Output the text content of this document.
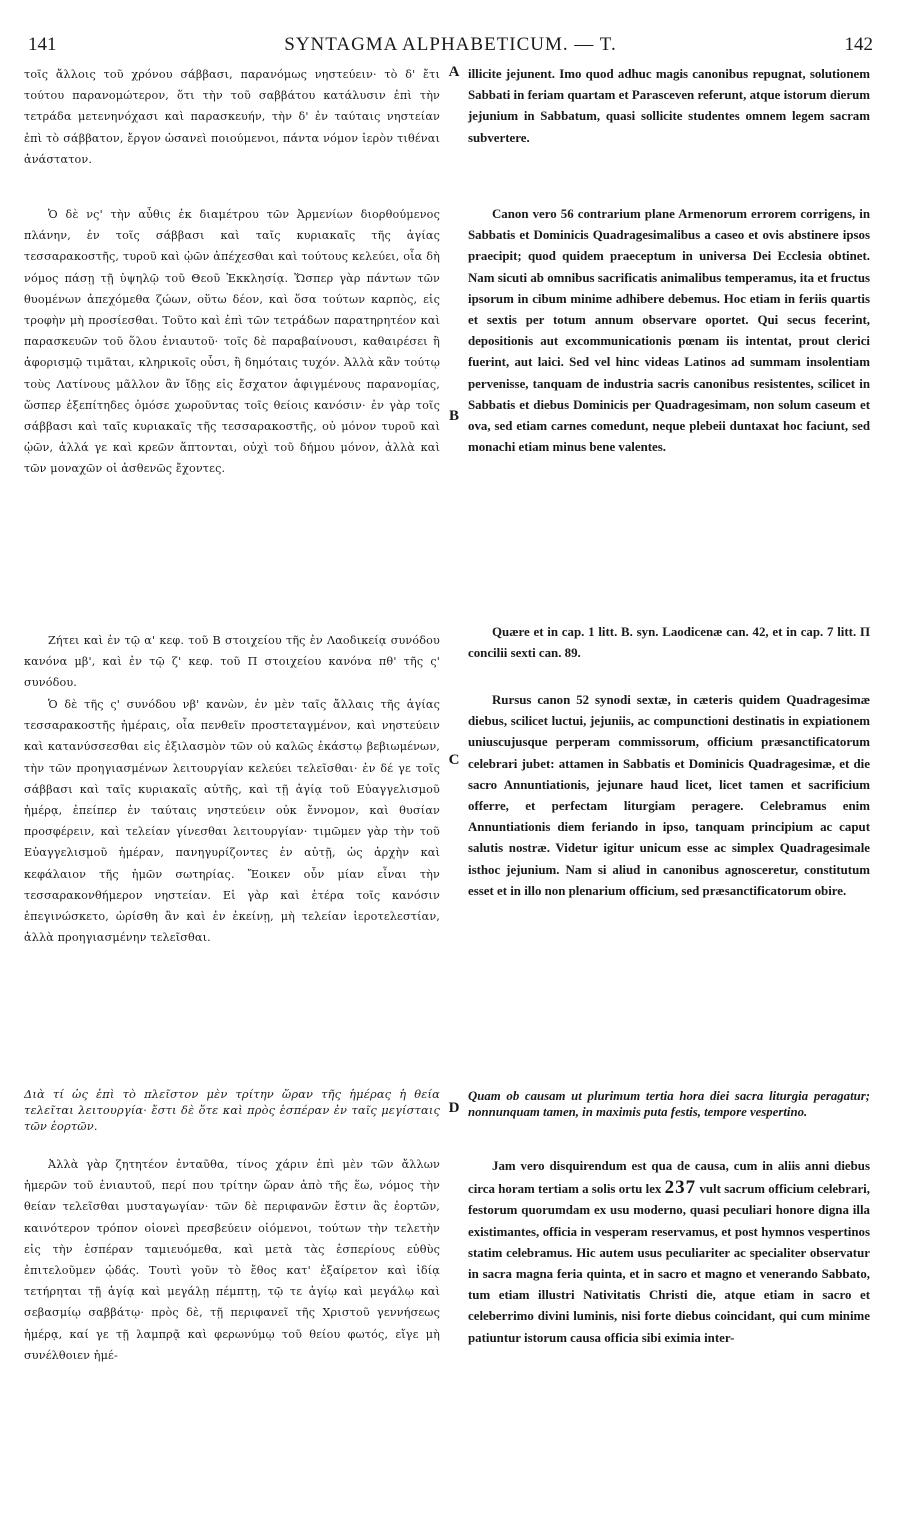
141	SYNTAGMA ALPHABETICUM. — T.	142
A
B
C
D

τοῖς ἄλλοις τοῦ χρόνου σάββασι, παρανόμως νηστεύειν· τὸ δ' ἔτι τούτου παρανομώτερον, ὅτι τὴν τοῦ σαββάτου κατάλυσιν ἐπὶ τὴν τετράδα μετενηνόχασι καὶ παρασκευήν, τὴν δ' ἐν ταύταις νηστείαν ἐπὶ τὸ σάββατον, ἔργον ὡσανεὶ ποιούμενοι, πάντα νόμον ἱερὸν τιθέναι ἀνάστατον.

Ὁ δὲ νς' τὴν αὖθις ἐκ διαμέτρου τῶν Ἀρμενίων διορθούμενος πλάνην, ἐν τοῖς σάββασι καὶ ταῖς κυριακαῖς τῆς ἁγίας τεσσαρακοστῆς, τυροῦ καὶ ᾠῶν ἀπέχεσθαι καὶ τούτους κελεύει, οἷα δὴ νόμος πάσῃ τῇ ὑψηλῷ τοῦ Θεοῦ Ἐκκλησίᾳ. Ὥσπερ γὰρ πάντων τῶν θυομένων ἀπεχόμεθα ζώων, οὕτω δέον, καὶ ὅσα τούτων καρπὸς, εἰς τροφὴν μὴ προσίεσθαι. Τοῦτο καὶ ἐπὶ τῶν τετράδων παρατηρητέον καὶ παρασκευῶν τοῦ ὅλου ἐνιαυτοῦ· τοῖς δὲ παραβαίνουσι, καθαιρέσει ἢ ἀφορισμῷ τιμᾶται, κληρικοῖς οὖσι, ἢ δημόταις τυχόν. Ἀλλὰ κἂν τούτῳ τοὺς Λατίνους μᾶλλον ἂν ἴδῃς εἰς ἔσχατον ἀφιγμένους παρανομίας, ὥσπερ ἐξεπίτηδες ὁμόσε χωροῦντας τοῖς θείοις κανόσιν· ἐν γὰρ τοῖς σάββασι καὶ ταῖς κυριακαῖς τῆς τεσσαρακοστῆς, οὐ μόνον τυροῦ καὶ ᾠῶν, ἀλλά γε καὶ κρεῶν ἅπτονται, οὐχὶ τοῦ δήμου μόνον, ἀλλὰ καὶ τῶν μοναχῶν οἱ ἀσθενῶς ἔχοντες.

Ζήτει καὶ ἐν τῷ α' κεφ. τοῦ Β στοιχείου τῆς ἐν Λαοδικείᾳ συνόδου κανόνα μβ', καὶ ἐν τῷ ζ' κεφ. τοῦ Π στοιχείου κανόνα πθ' τῆς ς' συνόδου.

Ὁ δὲ τῆς ς' συνόδου νβ' κανὼν, ἐν μὲν ταῖς ἄλλαις τῆς ἁγίας τεσσαρακοστῆς ἡμέραις, οἷα πενθεῖν προστεταγμένον, καὶ νηστεύειν καὶ κατανύσσεσθαι εἰς ἐξιλασμὸν τῶν οὐ καλῶς ἑκάστῳ βεβιωμένων, τὴν τῶν προηγιασμένων λειτουργίαν κελεύει τελεῖσθαι· ἐν δέ γε τοῖς σάββασι καὶ ταῖς κυριακαῖς αὐτῆς, καὶ τῇ ἁγίᾳ τοῦ Εὐαγγελισμοῦ ἡμέρᾳ, ἐπείπερ ἐν ταύταις νηστεύειν οὐκ ἔννομον, καὶ θυσίαν προσφέρειν, καὶ τελείαν γίνεσθαι λειτουργίαν· τιμῶμεν γὰρ τὴν τοῦ Εὐαγγελισμοῦ ἡμέραν, πανηγυρίζοντες ἐν αὐτῇ, ὡς ἀρχὴν καὶ κεφάλαιον τῆς ἡμῶν σωτηρίας. Ἔοικεν οὖν μίαν εἶναι τὴν τεσσαρακονθήμερον νηστείαν. Εἰ γὰρ καὶ ἑτέρα τοῖς κανόσιν ἐπεγινώσκετο, ὡρίσθη ἂν καὶ ἐν ἐκείνῃ, μὴ τελείαν ἱεροτελεστίαν, ἀλλὰ προηγιασμένην τελεῖσθαι.

Διὰ τί ὡς ἐπὶ τὸ πλεῖστον μὲν τρίτην ὥραν τῆς ἡμέρας ἡ θεία τελεῖται λειτουργία· ἔστι δὲ ὅτε καὶ πρὸς ἑσπέραν ἐν ταῖς μεγίσταις τῶν ἑορτῶν.

Ἀλλὰ γὰρ ζητητέον ἐνταῦθα, τίνος χάριν ἐπὶ μὲν τῶν ἄλλων ἡμερῶν τοῦ ἐνιαυτοῦ, περί που τρίτην ὥραν ἀπὸ τῆς ἕω, νόμος τὴν θείαν τελεῖσθαι μυσταγωγίαν· τῶν δὲ περιφανῶν ἔστιν ἃς ἑορτῶν, καινότερον τρόπον οἱονεὶ πρεσβεύειν οἰόμενοι, τούτων τὴν τελετὴν εἰς τὴν ἑσπέραν ταμιευόμεθα, καὶ μετὰ τὰς ἑσπερίους εὐθὺς ἐπιτελοῦμεν ᾠδάς. Τουτὶ γοῦν τὸ ἔθος κατ' ἐξαίρετον καὶ ἰδίᾳ τετήρηται τῇ ἁγίᾳ καὶ μεγάλῃ πέμπτῃ, τῷ τε ἁγίῳ καὶ μεγάλῳ καὶ σεβασμίῳ σαββάτῳ· πρὸς δὲ, τῇ περιφανεῖ τῆς Χριστοῦ γεννήσεως ἡμέρᾳ, καί γε τῇ λαμπρᾷ καὶ φερωνύμῳ τοῦ θείου φωτός, εἴγε μὴ συνέλθοιεν ἡμέ-

illicite jejunent. Imo quod adhuc magis canonibus repugnat, solutionem Sabbati in feriam quartam et Parasceven referunt, atque istorum dierum jejunium in Sabbatum, quasi sollicite studentes omnem legem sacram subvertere.

Canon vero 56 contrarium plane Armenorum errorem corrigens, in Sabbatis et Dominicis Quadragesimalibus a caseo et ovis abstinere ipsos praecipit; quod quidem praeceptum in universa Dei Ecclesia obtinet. Nam sicuti ab omnibus sacrificatis animalibus temperamus, ita et fructus ipsorum in cibum minime adhibere debemus. Hoc etiam in feriis quartis et sextis per totum annum observare oportet. Qui secus fecerint, depositionis aut excommunicationis pœnam iis intentat, prout clerici fuerint, aut laici. Sed vel hinc videas Latinos ad summam insolentiam pervenisse, tanquam de industria sacris canonibus resistentes, scilicet in Sabbatis et diebus Dominicis per Quadragesimam, non solum caseum et ova, sed etiam carnes comedunt, neque plebeii duntaxat hoc faciunt, sed monachi etiam minus bene valentes.

Quære et in cap. 1 litt. B. syn. Laodicenæ can. 42, et in cap. 7 litt. Π concilii sexti can. 89.

Rursus canon 52 synodi sextæ, in cæteris quidem Quadragesimæ diebus, scilicet luctui, jejuniis, ac compunctioni destinatis in expiationem uniuscujusque perperam commissorum, officium præsanctificatorum celebrari jubet: attamen in Sabbatis et Dominicis Quadragesimæ, et die sacro Annuntiationis, jejunare haud licet, licet tamen et sacrificium offerre, et perfectam liturgiam peragere. Celebramus enim Annuntiationis diem feriando in ipso, tanquam principium ac caput salutis nostræ. Videtur igitur unicum esse ac simplex Quadragesimale isthoc jejunium. Nam si aliud in canonibus agnosceretur, constitutum esset et in illo non plenarium officium, sed præsanctificatorum obire.

Quam ob causam ut plurimum tertia hora diei sacra liturgia peragatur; nonnunquam tamen, in maximis puta festis, tempore vespertino.

Jam vero disquirendum est qua de causa, cum in aliis anni diebus circa horam tertiam a solis ortu lex 237 vult sacrum officium celebrari, festorum quorumdam ex usu moderno, quasi peculiari honore digna illa existimantes, officia in vesperam reservamus, et post hymnos vespertinos statim celebramus. Hic autem usus peculiariter ac specialiter observatur in sacra magna feria quinta, et in sacro et magno et venerando Sabbato, tum etiam illustri Nativitatis Christi die, atque etiam in sacro et celeberrimo divini luminis, nisi forte diebus coincidant, qui cum minime patiuntur istorum causa officia sibi eximia inter-
